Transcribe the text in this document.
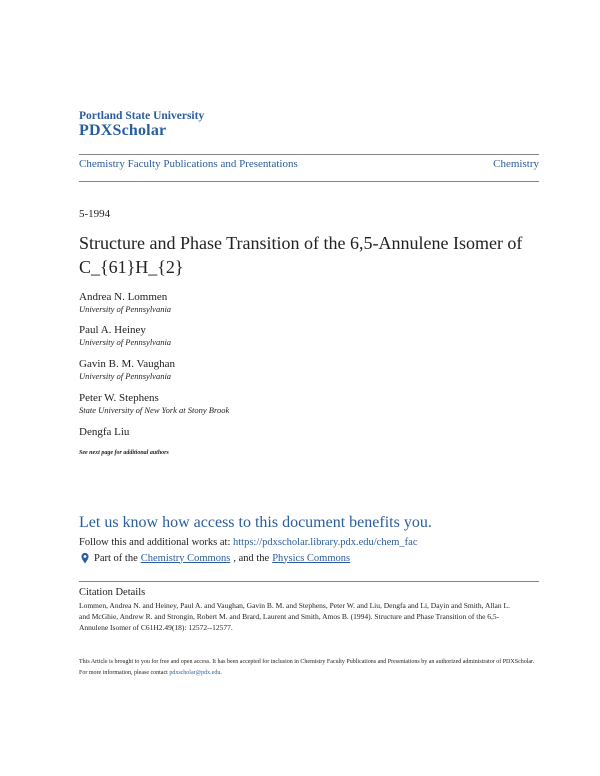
Portland State University

PDXScholar

Chemistry Faculty Publications and Presentations	Chemistry

5-1994

Structure and Phase Transition of the 6,5-Annulene Isomer of C_{61}H_{2}
Andrea N. Lommen
University of Pennsylvania
Paul A. Heiney
University of Pennsylvania
Gavin B. M. Vaughan
University of Pennsylvania
Peter W. Stephens
State University of New York at Stony Brook
Dengfa Liu

See next page for additional authors

Let us know how access to this document benefits you.

Follow this and additional works at: https://pdxscholar.library.pdx.edu/chem_fac

Part of the Chemistry Commons , and the Physics Commons

Citation Details

Lommen, Andrea N. and Heiney, Paul A. and Vaughan, Gavin B. M. and Stephens, Peter W. and Liu, Dengfa and Li, Dayin and Smith, Allan L. and McGhie, Andrew R. and Strongin, Robert M. and Brard, Laurent and Smith, Amos B. (1994). Structure and Phase Transition of the 6,5-Annulene Isomer of C61H2.49(18): 12572--12577.

This Article is brought to you for free and open access. It has been accepted for inclusion in Chemistry Faculty Publications and Presentations by an authorized administrator of PDXScholar. For more information, please contact pdxscholar@pdx.edu.
